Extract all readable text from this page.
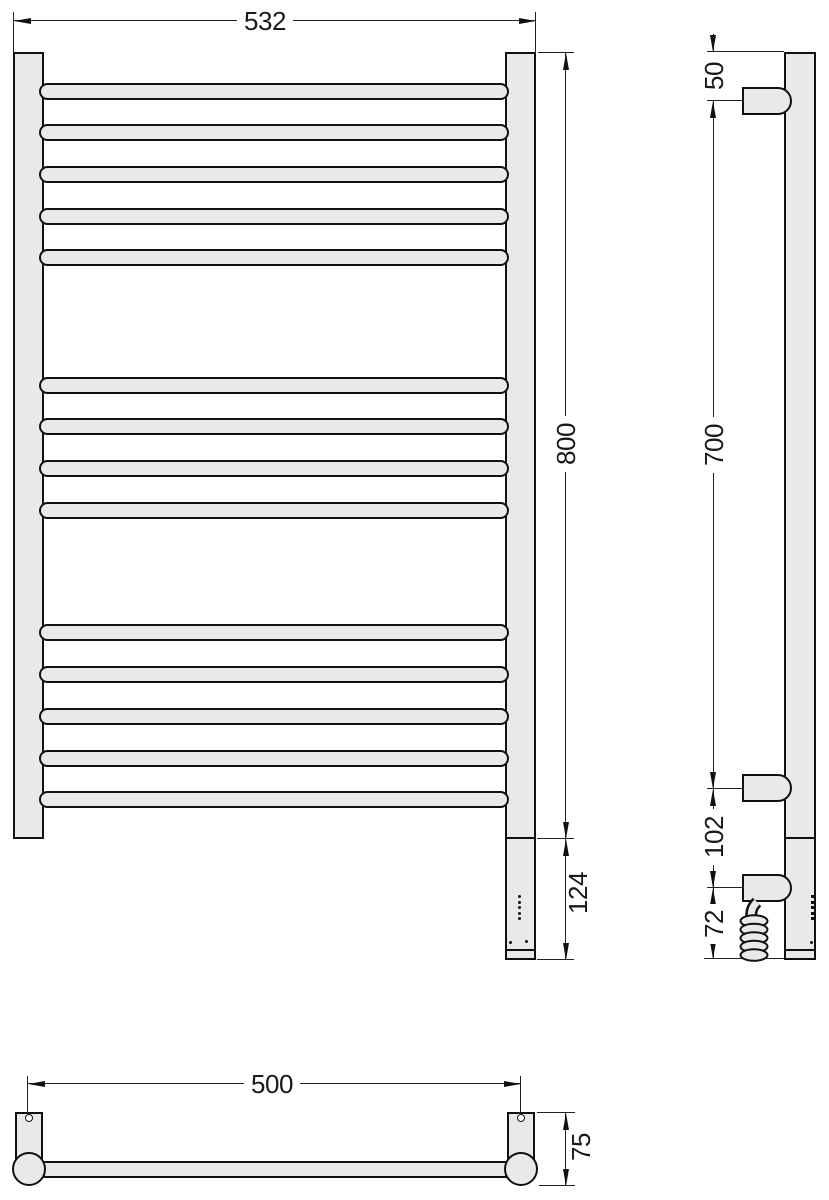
532
800
124
50
700
102
72
500
75
